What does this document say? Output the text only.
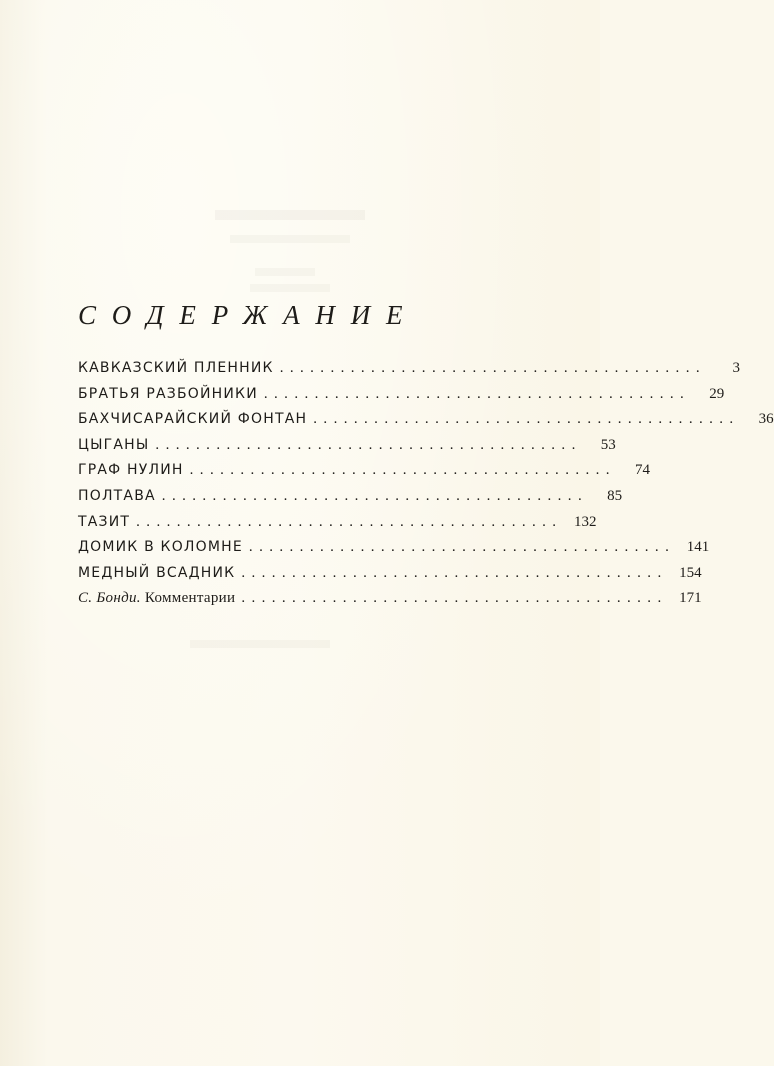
СОДЕРЖАНИЕ
КАВКАЗСКИЙ ПЛЕННИК ..........................................	3
БРАТЬЯ РАЗБОЙНИКИ ..........................................	29
БАХЧИСАРАЙСКИЙ ФОНТАН ..........................................	36
ЦЫГАНЫ ..........................................	53
ГРАФ НУЛИН ..........................................	74
ПОЛТАВА ..........................................	85
ТАЗИТ .......................................... 132
ДОМИК В КОЛОМНЕ .......................................... 141
МЕДНЫЙ ВСАДНИК .......................................... 154
С. Бонди. Комментарии .......................................... 171
